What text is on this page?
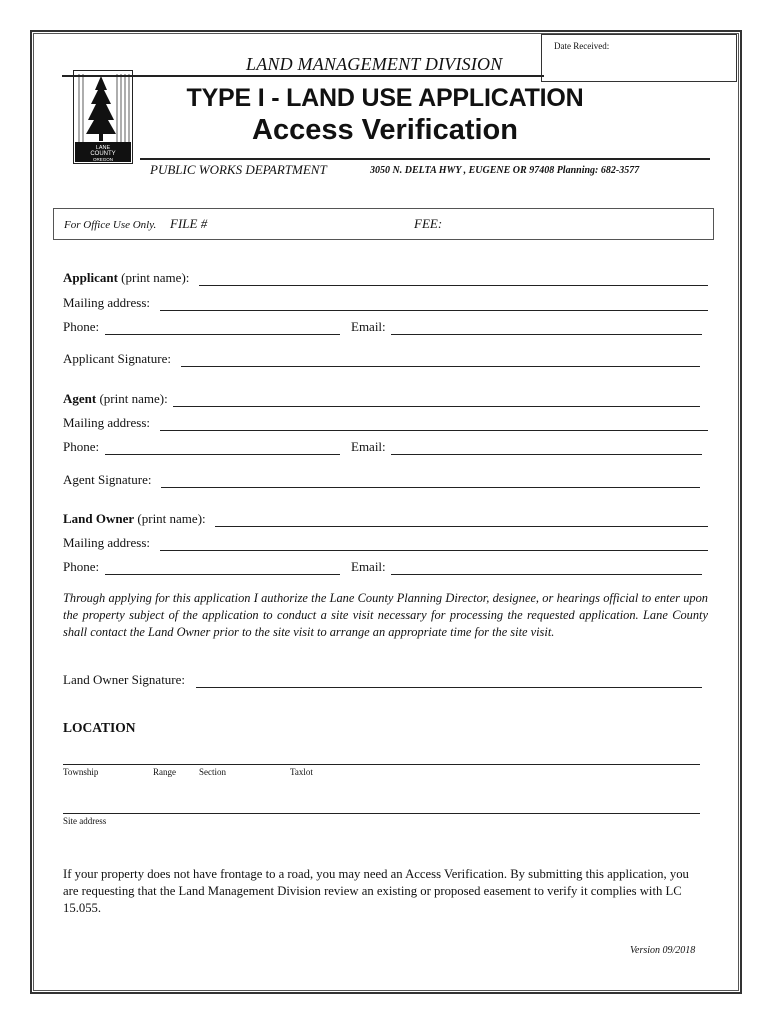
Date Received:
LANE
COUNTY
OREGON
LAND MANAGEMENT DIVISION
TYPE I - LAND USE APPLICATION
Access Verification
PUBLIC WORKS DEPARTMENT	3050 N. DELTA HWY , EUGENE OR 97408 Planning: 682-3577
For Office Use Only. FILE #	FEE:
Applicant (print name):
Mailing address:
Phone:	Email:
Applicant Signature:
Agent (print name):
Mailing address:
Phone:	Email:
Agent Signature:
Land Owner (print name):
Mailing address:
Phone:	Email:
Through applying for this application I authorize the Lane County Planning Director, designee, or hearings official to enter upon the property subject of the application to conduct a site visit necessary for processing the requested application. Lane County shall contact the Land Owner prior to the site visit to arrange an appropriate time for the site visit.
Land Owner Signature:
LOCATION
Township	Range	Section	Taxlot
Site address
If your property does not have frontage to a road, you may need an Access Verification. By submitting this application, you are requesting that the Land Management Division review an existing or proposed easement to verify it complies with LC 15.055.
Version 09/2018
